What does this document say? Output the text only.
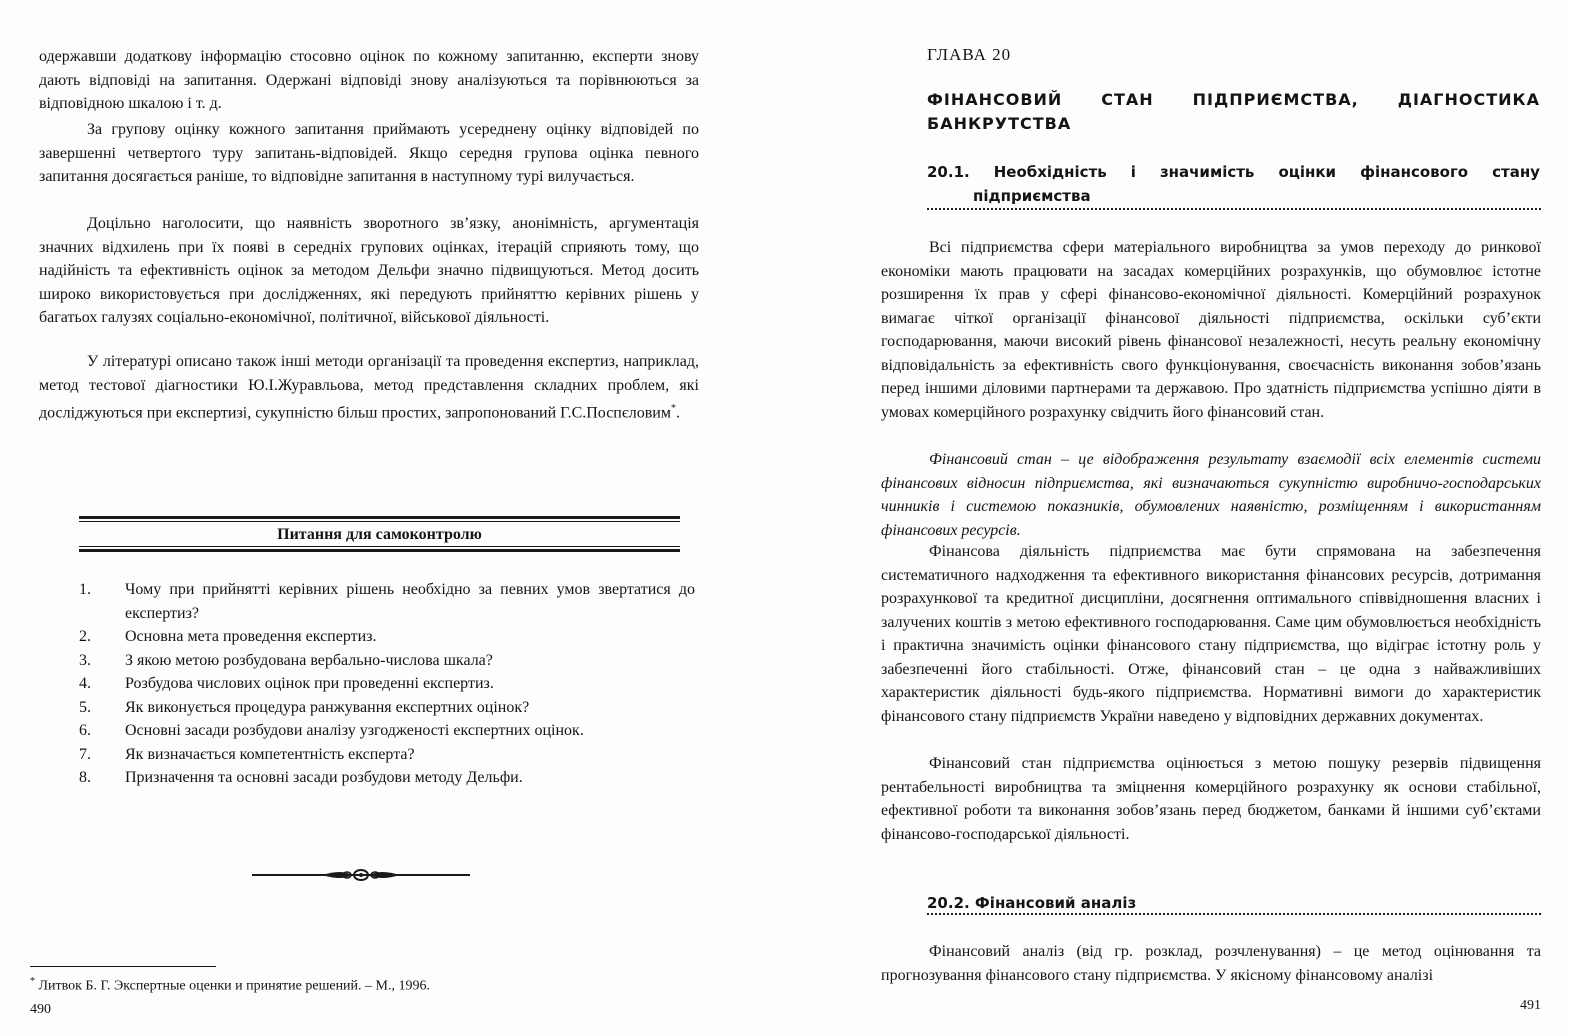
одержавши додаткову інформацію стосовно оцінок по кожному запитанню, експерти знову дають відповіді на запитання. Одержані відповіді знову аналізуються та порівнюються за відповідною шкалою і т. д.

За групову оцінку кожного запитання приймають усереднену оцінку відповідей по завершенні четвертого туру запитань-відповідей. Якщо середня групова оцінка певного запитання досягається раніше, то відповідне запитання в наступному турі вилучається.

Доцільно наголосити, що наявність зворотного зв’язку, анонімність, аргументація значних відхилень при їх появі в середніх групових оцінках, ітерацій сприяють тому, що надійність та ефективність оцінок за методом Дельфи значно підвищуються. Метод досить широко використовується при дослідженнях, які передують прийняттю керівних рішень у багатьох галузях соціально-економічної, політичної, військової діяльності.

У літературі описано також інші методи організації та проведення експертиз, наприклад, метод тестової діагностики Ю.І.Журавльова, метод представлення складних проблем, які досліджуються при експертизі, сукупністю більш простих, запропонований Г.С.Поспєловим*.

Питання для самоконтролю
1.	Чому при прийнятті керівних рішень необхідно за певних умов звертатися до експертиз?
2.	Основна мета проведення експертиз.
3.	З якою метою розбудована вербально-числова шкала?
4.	Розбудова числових оцінок при проведенні експертиз.
5.	Як виконується процедура ранжування експертних оцінок?
6.	Основні засади розбудови аналізу узгодженості експертних оцінок.
7.	Як визначається компетентність експерта?
8.	Призначення та основні засади розбудови методу Дельфи.
* Литвок Б. Г. Экспертные оценки и принятие решений. – М., 1996.
490
ГЛАВА 20
ФІНАНСОВИЙ СТАН ПІДПРИЄМСТВА, ДІАГНОСТИКА БАНКРУТСТВА
20.1. Необхідність і значимість оцінки фінансового стану
підприємства

Всі підприємства сфери матеріального виробництва за умов переходу до ринкової економіки мають працювати на засадах комерційних розрахунків, що обумовлює істотне розширення їх прав у сфері фінансово-економічної діяльності. Комерційний розрахунок вимагає чіткої організації фінансової діяльності підприємства, оскільки суб’єкти господарювання, маючи високий рівень фінансової незалежності, несуть реальну економічну відповідальність за ефективність свого функціонування, своєчасність виконання зобов’язань перед іншими діловими партнерами та державою. Про здатність підприємства успішно діяти в умовах комерційного розрахунку свідчить його фінансовий стан.

Фінансовий стан – це відображення результату взаємодії всіх елементів системи фінансових відносин підприємства, які визначаються сукупністю виробничо-господарських чинників і системою показників, обумовлених наявністю, розміщенням і використанням фінансових ресурсів.

Фінансова діяльність підприємства має бути спрямована на забезпечення систематичного надходження та ефективного використання фінансових ресурсів, дотримання розрахункової та кредитної дисципліни, досягнення оптимального співвідношення власних і залучених коштів з метою ефективного господарювання. Саме цим обумовлюється необхідність і практична значимість оцінки фінансового стану підприємства, що відіграє істотну роль у забезпеченні його стабільності. Отже, фінансовий стан – це одна з найважливіших характеристик діяльності будь-якого підприємства. Нормативні вимоги до характеристик фінансового стану підприємств України наведено у відповідних державних документах.

Фінансовий стан підприємства оцінюється з метою пошуку резервів підвищення рентабельності виробництва та зміцнення комерційного розрахунку як основи стабільної, ефективної роботи та виконання зобов’язань перед бюджетом, банками й іншими суб’єктами фінансово-господарської діяльності.

20.2. Фінансовий аналіз

Фінансовий аналіз (від гр. розклад, розчленування) – це метод оцінювання та прогнозування фінансового стану підприємства. У якісному фінансовому аналізі

491
